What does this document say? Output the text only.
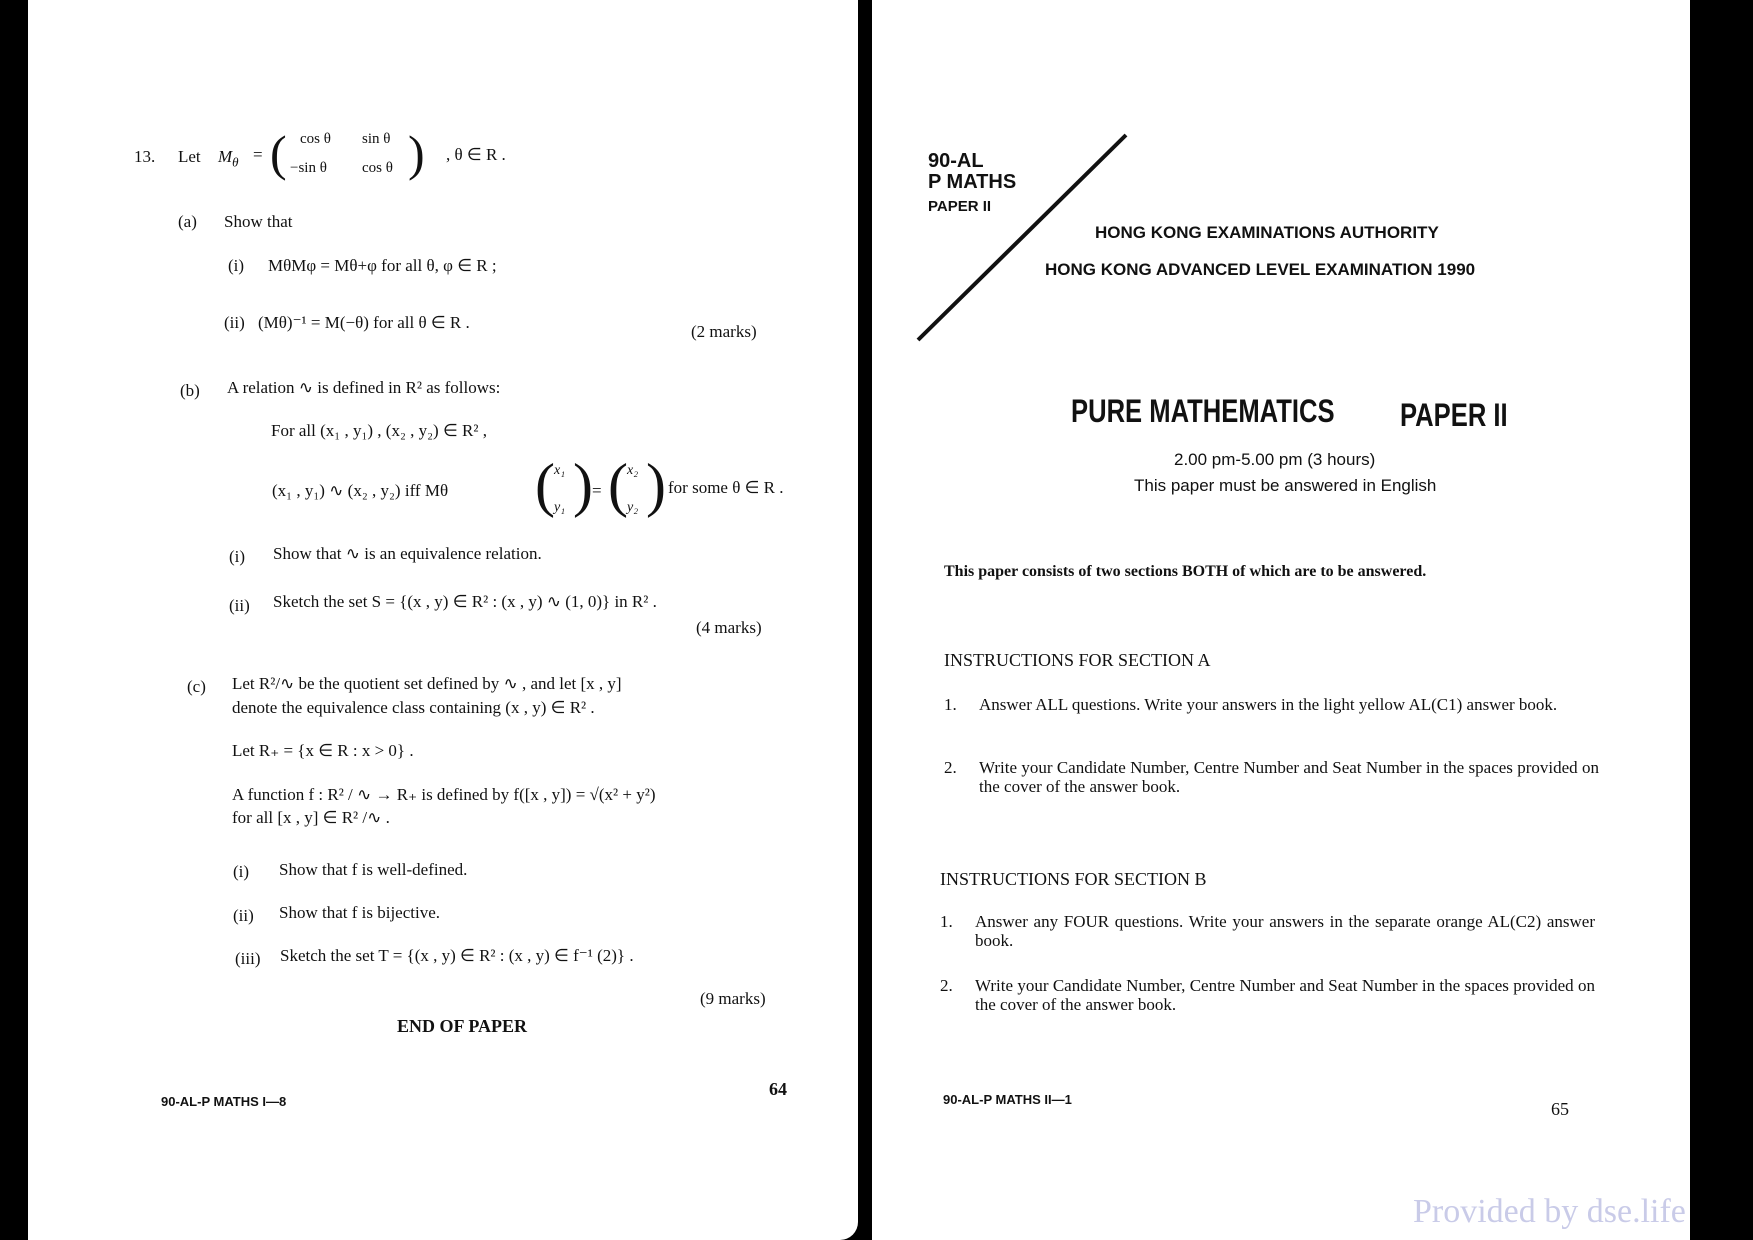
13. Let $M_\theta$ = ( cos θ sin θ
−sin θ cos θ ) , θ ∈ R .
(a) Show that
(i) MθMφ = Mθ+φ for all θ, φ ∈ R ;
(ii) (Mθ)⁻¹ = M(−θ) for all θ ∈ R .	(2 marks)
(b) A relation ∿ is defined in R² as follows:
For all (x₁ , y₁) , (x₂ , y₂) ∈ R² ,
(x₁ , y₁) ∿ (x₂ , y₂) iff Mθ ( x₁
y₁ ) = ( x₂
y₂ ) for some θ ∈ R .
(i) Show that ∿ is an equivalence relation.
(ii) Sketch the set S = {(x , y) ∈ R² : (x , y) ∿ (1, 0)} in R² .
(4 marks)
(c) Let R²/∿ be the quotient set defined by ∿ , and let [x , y]
denote the equivalence class containing (x , y) ∈ R² .
Let R₊ = {x ∈ R : x > 0} .
A function f : R² / ∿ → R₊ is defined by f([x , y]) = √(x² + y²)
for all [x , y] ∈ R² /∿ .
(i) Show that f is well-defined.
(ii) Show that f is bijective.
(iii) Sketch the set T = {(x , y) ∈ R² : (x , y) ∈ f⁻¹ (2)} .
(9 marks)
END OF PAPER
90-AL-P MATHS I—8
64
90-AL
P MATHS
PAPER II
HONG KONG EXAMINATIONS AUTHORITY
HONG KONG ADVANCED LEVEL EXAMINATION 1990
PURE MATHEMATICS PAPER II
2.00 pm-5.00 pm (3 hours)
This paper must be answered in English
This paper consists of two sections BOTH of which are to be answered.
INSTRUCTIONS FOR SECTION A
1. Answer ALL questions. Write your answers in the light yellow AL(C1) answer book.
2. Write your Candidate Number, Centre Number and Seat Number in the spaces provided on the cover of the answer book.
INSTRUCTIONS FOR SECTION B
1. Answer any FOUR questions. Write your answers in the separate orange AL(C2) answer book.
2. Write your Candidate Number, Centre Number and Seat Number in the spaces provided on the cover of the answer book.
90-AL-P MATHS II—1	65
Provided by dse.life
